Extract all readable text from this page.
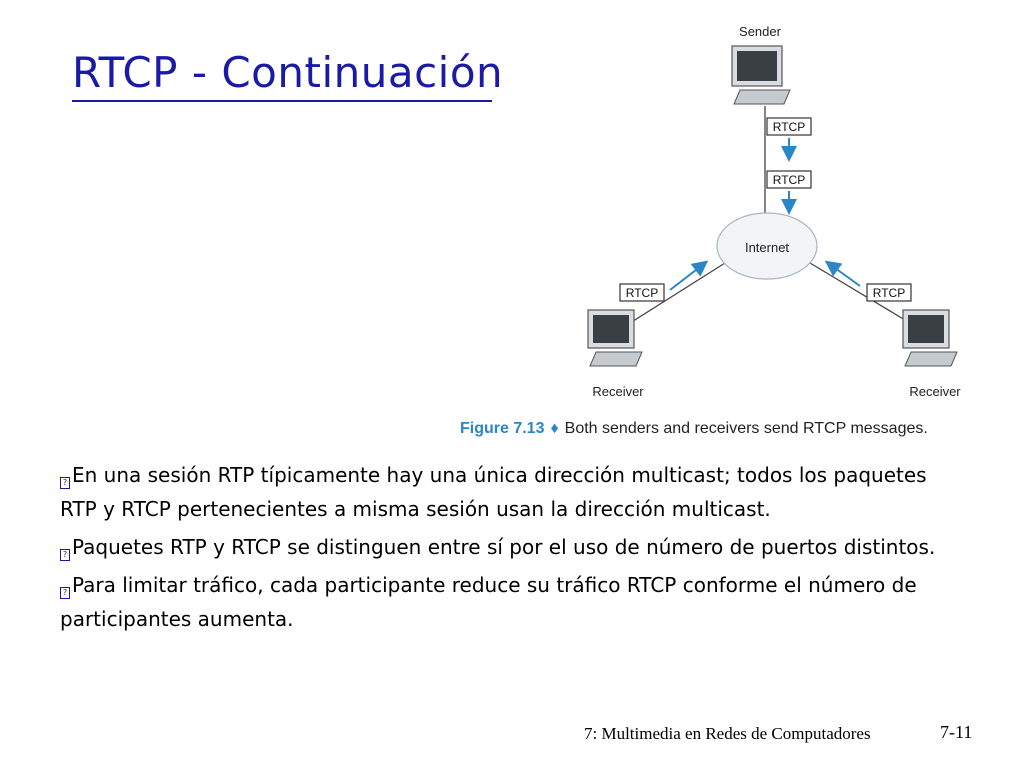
RTCP - Continuación
Internet
Sender
RTCP
RTCP
RTCP	RTCP
Receiver	Receiver
Figure 7.13 ♦ Both senders and receivers send RTCP messages.
? En una sesión RTP típicamente hay una única dirección multicast; todos los paquetes RTP y RTCP pertenecientes a misma sesión usan la dirección multicast.
? Paquetes RTP y RTCP se distinguen entre sí por el uso de número de puertos distintos.
? Para limitar tráfico, cada participante reduce su tráfico RTCP conforme el número de participantes aumenta.
7: Multimedia en Redes de Computadores	7-11
